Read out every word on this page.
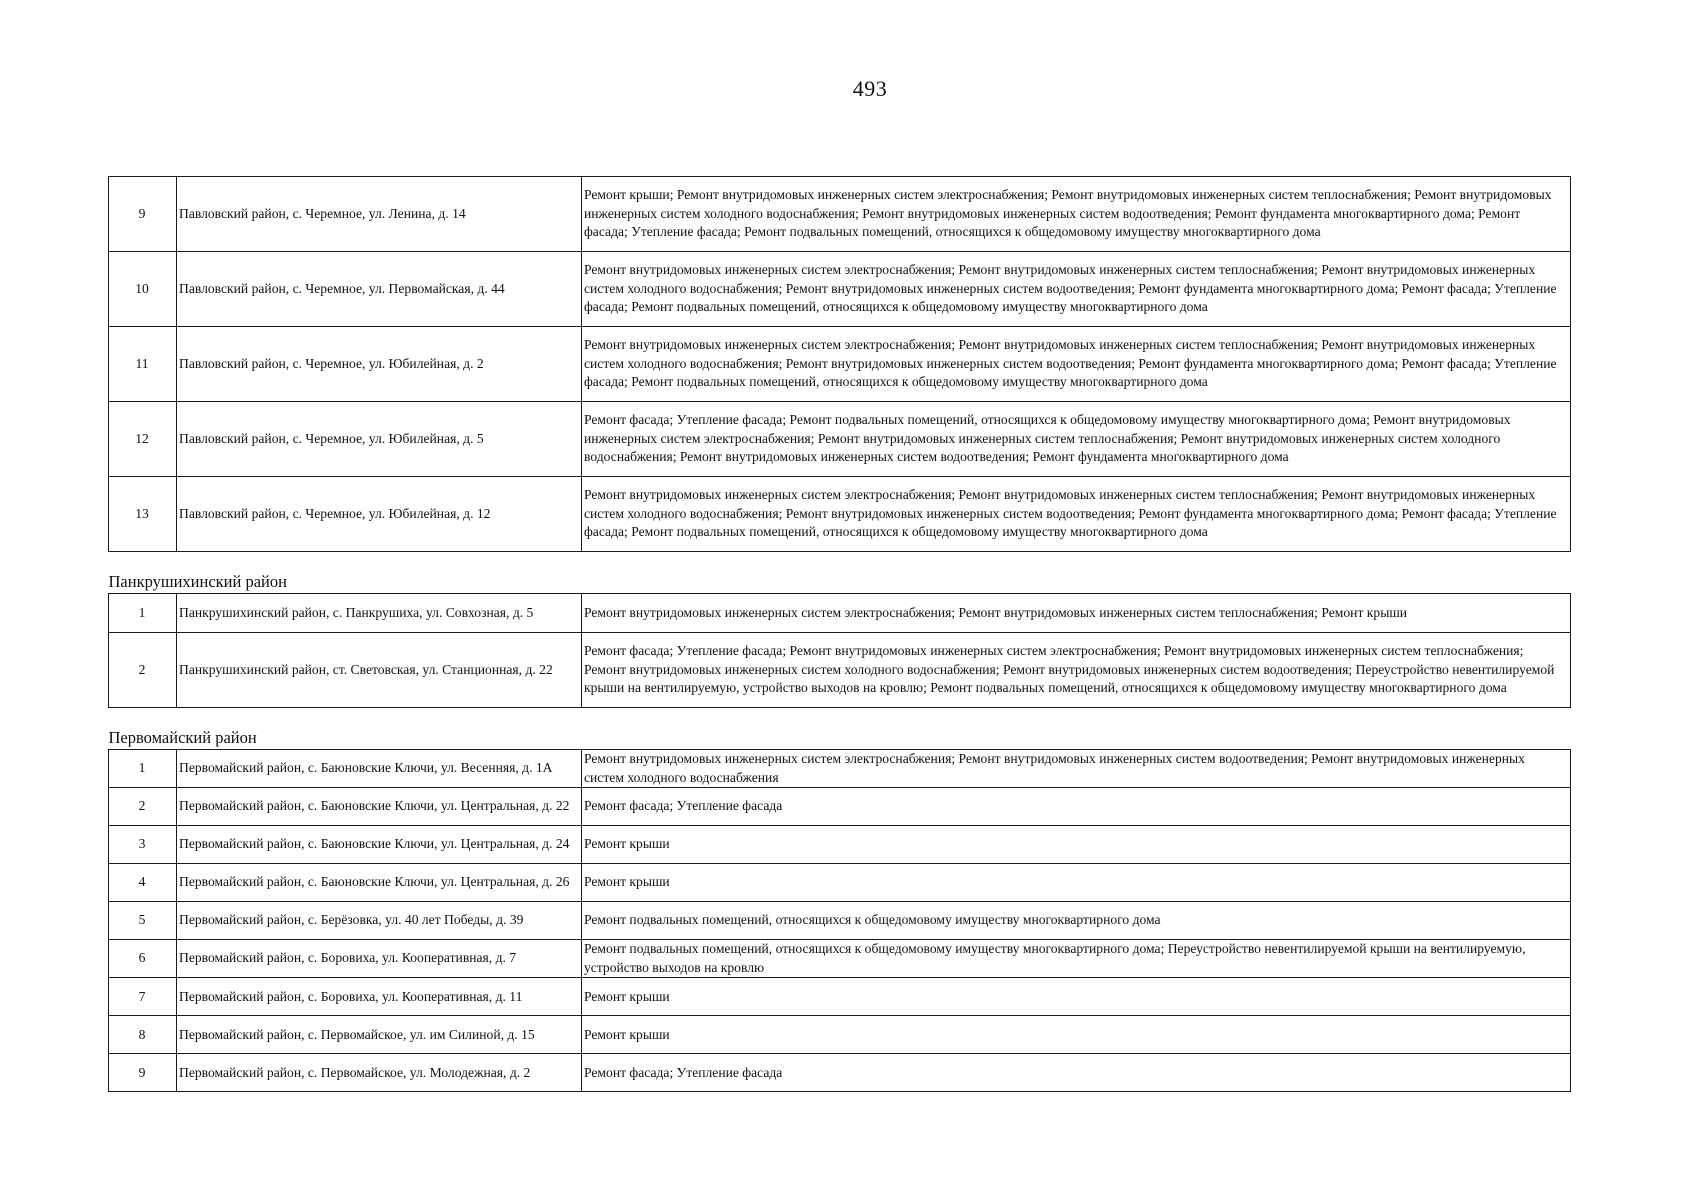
493
9	Павловский район, с. Черемное, ул. Ленина, д. 14	Ремонт крыши; Ремонт внутридомовых инженерных систем электроснабжения; Ремонт внутридомовых инженерных систем теплоснабжения; Ремонт внутридомовых инженерных систем холодного водоснабжения; Ремонт внутридомовых инженерных систем водоотведения; Ремонт фундамента многоквартирного дома; Ремонт фасада; Утепление фасада; Ремонт подвальных помещений, относящихся к общедомовому имуществу многоквартирного дома
10	Павловский район, с. Черемное, ул. Первомайская, д. 44	Ремонт внутридомовых инженерных систем электроснабжения; Ремонт внутридомовых инженерных систем теплоснабжения; Ремонт внутридомовых инженерных систем холодного водоснабжения; Ремонт внутридомовых инженерных систем водоотведения; Ремонт фундамента многоквартирного дома; Ремонт фасада; Утепление фасада; Ремонт подвальных помещений, относящихся к общедомовому имуществу многоквартирного дома
11	Павловский район, с. Черемное, ул. Юбилейная, д. 2	Ремонт внутридомовых инженерных систем электроснабжения; Ремонт внутридомовых инженерных систем теплоснабжения; Ремонт внутридомовых инженерных систем холодного водоснабжения; Ремонт внутридомовых инженерных систем водоотведения; Ремонт фундамента многоквартирного дома; Ремонт фасада; Утепление фасада; Ремонт подвальных помещений, относящихся к общедомовому имуществу многоквартирного дома
12	Павловский район, с. Черемное, ул. Юбилейная, д. 5	Ремонт фасада; Утепление фасада; Ремонт подвальных помещений, относящихся к общедомовому имуществу многоквартирного дома; Ремонт внутридомовых инженерных систем электроснабжения; Ремонт внутридомовых инженерных систем теплоснабжения; Ремонт внутридомовых инженерных систем холодного водоснабжения; Ремонт внутридомовых инженерных систем водоотведения; Ремонт фундамента многоквартирного дома
13	Павловский район, с. Черемное, ул. Юбилейная, д. 12	Ремонт внутридомовых инженерных систем электроснабжения; Ремонт внутридомовых инженерных систем теплоснабжения; Ремонт внутридомовых инженерных систем холодного водоснабжения; Ремонт внутридомовых инженерных систем водоотведения; Ремонт фундамента многоквартирного дома; Ремонт фасада; Утепление фасада; Ремонт подвальных помещений, относящихся к общедомовому имуществу многоквартирного дома
Панкрушихинский район		
1	Панкрушихинский район, с. Панкрушиха, ул. Совхозная, д. 5	Ремонт внутридомовых инженерных систем электроснабжения; Ремонт внутридомовых инженерных систем теплоснабжения; Ремонт крыши
2	Панкрушихинский район, ст. Световская, ул. Станционная, д. 22	Ремонт фасада; Утепление фасада; Ремонт внутридомовых инженерных систем электроснабжения; Ремонт внутридомовых инженерных систем теплоснабжения; Ремонт внутридомовых инженерных систем холодного водоснабжения; Ремонт внутридомовых инженерных систем водоотведения; Переустройство невентилируемой крыши на вентилируемую, устройство выходов на кровлю; Ремонт подвальных помещений, относящихся к общедомовому имуществу многоквартирного дома
Первомайский район		
1	Первомайский район, с. Баюновские Ключи, ул. Весенняя, д. 1А	Ремонт внутридомовых инженерных систем электроснабжения; Ремонт внутридомовых инженерных систем водоотведения; Ремонт внутридомовых инженерных систем холодного водоснабжения
2	Первомайский район, с. Баюновские Ключи, ул. Центральная, д. 22	Ремонт фасада; Утепление фасада
3	Первомайский район, с. Баюновские Ключи, ул. Центральная, д. 24	Ремонт крыши
4	Первомайский район, с. Баюновские Ключи, ул. Центральная, д. 26	Ремонт крыши
5	Первомайский район, с. Берёзовка, ул. 40 лет Победы, д. 39	Ремонт подвальных помещений, относящихся к общедомовому имуществу многоквартирного дома
6	Первомайский район, с. Боровиха, ул. Кооперативная, д. 7	Ремонт подвальных помещений, относящихся к общедомовому имуществу многоквартирного дома; Переустройство невентилируемой крыши на вентилируемую, устройство выходов на кровлю
7	Первомайский район, с. Боровиха, ул. Кооперативная, д. 11	Ремонт крыши
8	Первомайский район, с. Первомайское, ул. им Силиной, д. 15	Ремонт крыши
9	Первомайский район, с. Первомайское, ул. Молодежная, д. 2	Ремонт фасада; Утепление фасада
